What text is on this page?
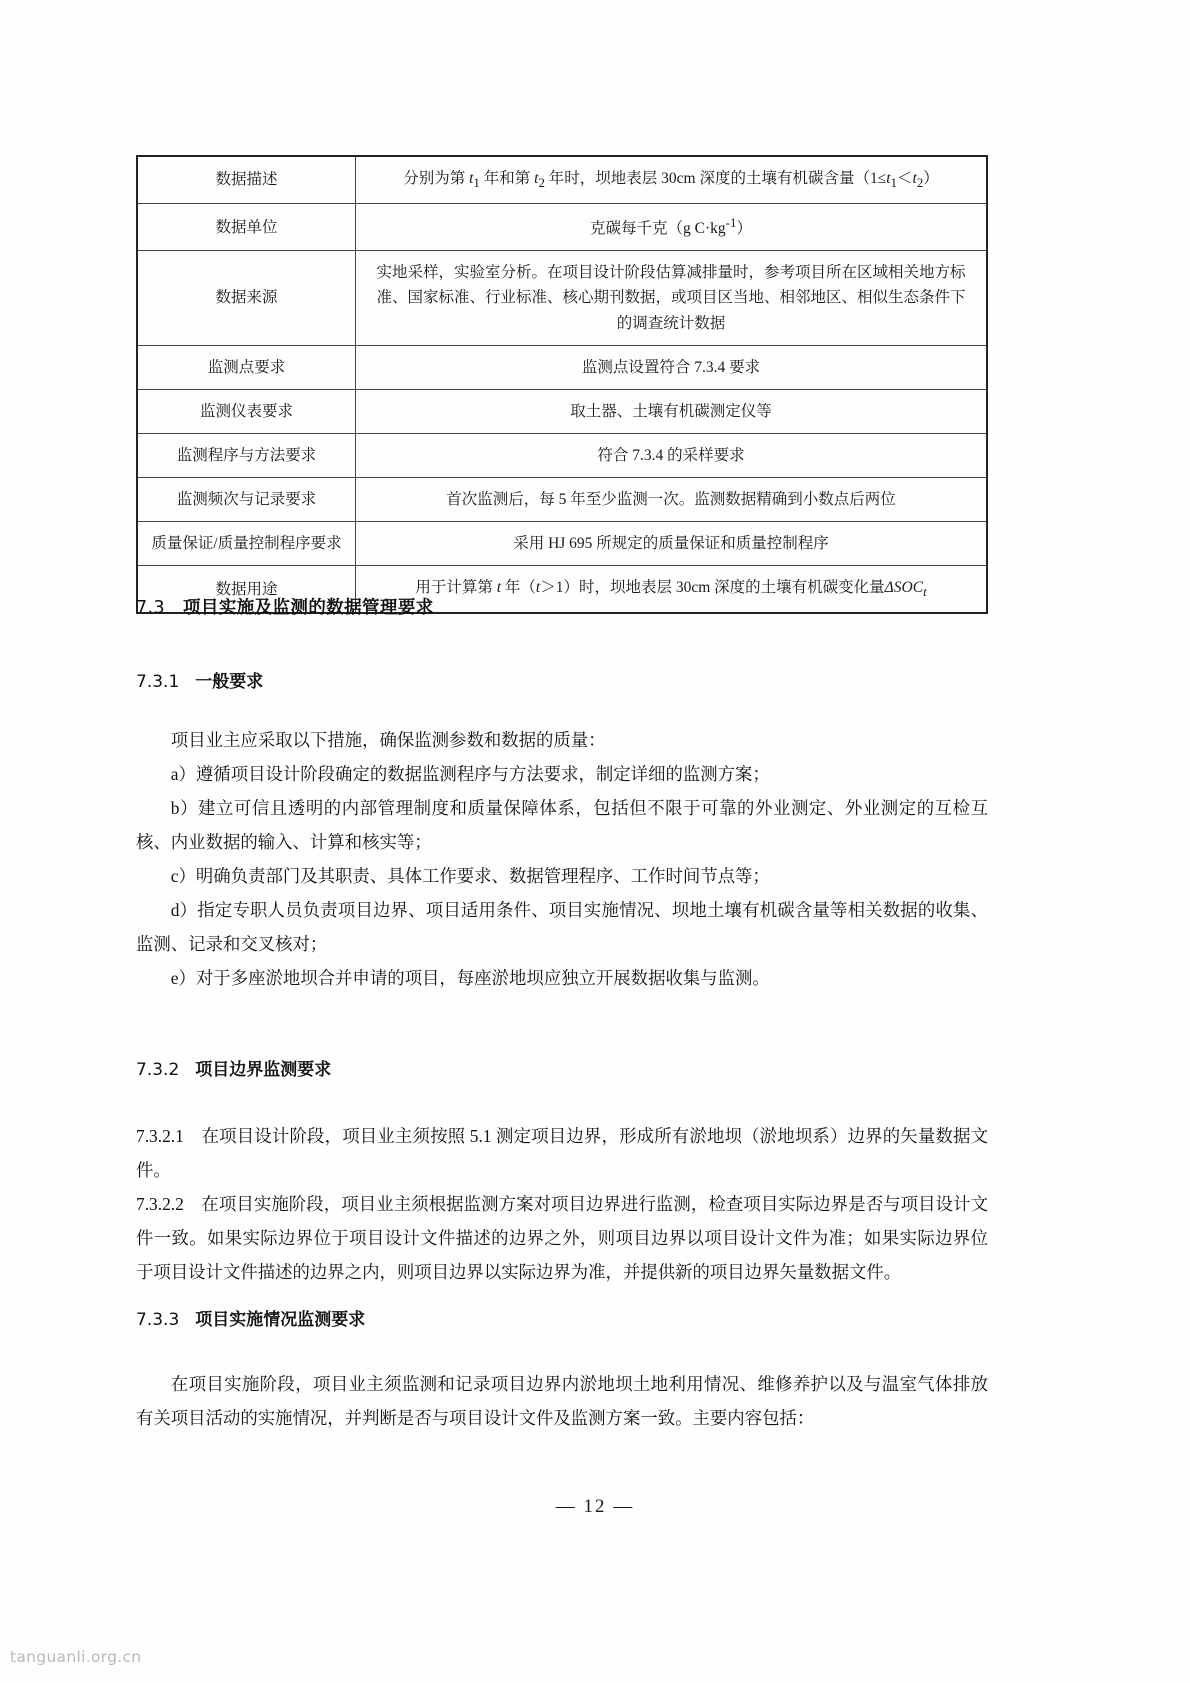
数据描述	分别为第 $t_1$ 年和第 $t_2$ 年时，坝地表层 30cm 深度的土壤有机碳含量$(1\le t_1<t_2)$
数据单位	克碳每千克（g $C\cdot kg^{-1}$）
数据来源	实地采样，实验室分析。在项目设计阶段估算减排量时，参考项目所在区域相关地方标准、国家标准、行业标准、核心期刊数据，或项目区当地、相邻地区、相似生态条件下的调查统计数据
监测点要求	监测点设置符合 7.3.4 要求
监测仪表要求	取土器、土壤有机碳测定仪等
监测程序与方法要求	符合 7.3.4 的采样要求
监测频次与记录要求	首次监测后，每 5 年至少监测一次。监测数据精确到小数点后两位
质量保证/质量控制程序要求	采用 HJ 695 所规定的质量保证和质量控制程序
数据用途	用于计算第 t 年（t＞1）时，坝地表层 30cm 深度的土壤有机碳变化量$\Delta SOC_t$
7.3 项目实施及监测的数据管理要求
7.3.1 一般要求
项目业主应采取以下措施，确保监测参数和数据的质量：
a）遵循项目设计阶段确定的数据监测程序与方法要求，制定详细的监测方案；
b）建立可信且透明的内部管理制度和质量保障体系，包括但不限于可靠的外业测定、外业测定的互检互核、内业数据的输入、计算和核实等；
c）明确负责部门及其职责、具体工作要求、数据管理程序、工作时间节点等；
d）指定专职人员负责项目边界、项目适用条件、项目实施情况、坝地土壤有机碳含量等相关数据的收集、监测、记录和交叉核对；
e）对于多座淤地坝合并申请的项目，每座淤地坝应独立开展数据收集与监测。
7.3.2 项目边界监测要求
7.3.2.1　在项目设计阶段，项目业主须按照 5.1 测定项目边界，形成所有淤地坝（淤地坝系）边界的矢量数据文件。
7.3.2.2　在项目实施阶段，项目业主须根据监测方案对项目边界进行监测，检查项目实际边界是否与项目设计文件一致。如果实际边界位于项目设计文件描述的边界之外，则项目边界以项目设计文件为准；如果实际边界位于项目设计文件描述的边界之内，则项目边界以实际边界为准，并提供新的项目边界矢量数据文件。
7.3.3 项目实施情况监测要求
在项目实施阶段，项目业主须监测和记录项目边界内淤地坝土地利用情况、维修养护以及与温室气体排放有关项目活动的实施情况，并判断是否与项目设计文件及监测方案一致。主要内容包括：
— 12 —
tanguanli.org.cn
